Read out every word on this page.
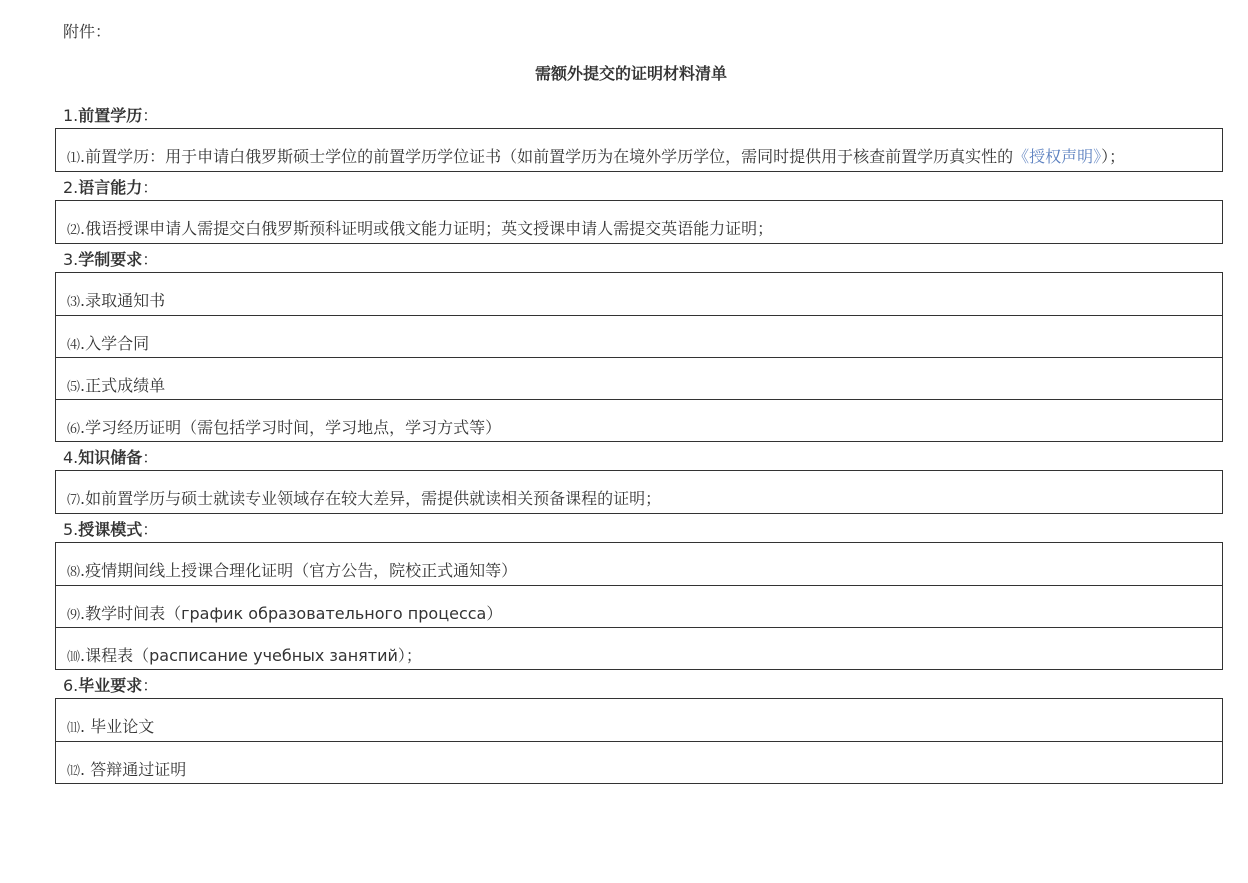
附件：
需额外提交的证明材料清单
1.前置学历：
⑴.前置学历：用于申请白俄罗斯硕士学位的前置学历学位证书（如前置学历为在境外学历学位，需同时提供用于核查前置学历真实性的《授权声明》）；
2.语言能力：
⑵.俄语授课申请人需提交白俄罗斯预科证明或俄文能力证明；英文授课申请人需提交英语能力证明；
3.学制要求：
⑶.录取通知书
⑷.入学合同
⑸.正式成绩单
⑹.学习经历证明（需包括学习时间，学习地点，学习方式等）
4.知识储备：
⑺.如前置学历与硕士就读专业领域存在较大差异，需提供就读相关预备课程的证明；
5.授课模式：
⑻.疫情期间线上授课合理化证明（官方公告，院校正式通知等）
⑼.教学时间表（график образовательного процесса）
⑽.课程表（расписание учебных занятий）；
6.毕业要求：
⑾. 毕业论文
⑿. 答辩通过证明
